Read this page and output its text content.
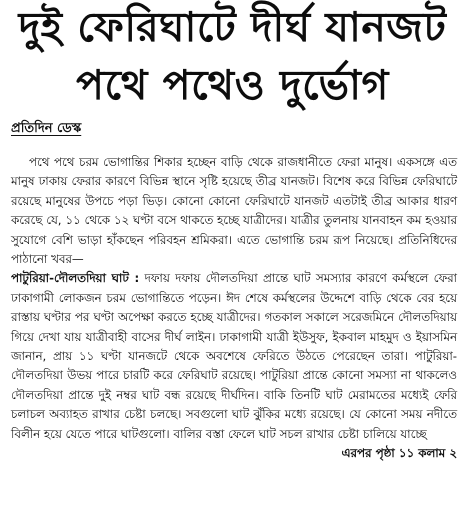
দুই ফেরিঘাটে দীর্ঘ যানজট
পথে পথেও দুর্ভোগ
প্রতিদিন ডেস্ক

পথে পথে চরম ভোগান্তির শিকার হচ্ছেন বাড়ি থেকে রাজধানীতে ফেরা মানুষ। একসঙ্গে এত মানুষ ঢাকায় ফেরার কারণে বিভিন্ন স্থানে সৃষ্টি হয়েছে তীব্র যানজট। বিশেষ করে বিভিন্ন ফেরিঘাটে রয়েছে মানুষের উপচে পড়া ভিড়। কোনো কোনো ফেরিঘাটে যানজট এতটাই তীব্র আকার ধারণ করেছে যে, ১১ থেকে ১২ ঘণ্টা বসে থাকতে হচ্ছে যাত্রীদের। যাত্রীর তুলনায় যানবাহন কম হওয়ার সুযোগে বেশি ভাড়া হাঁকছেন পরিবহন শ্রমিকরা। এতে ভোগান্তি চরম রূপ নিয়েছে। প্রতিনিধিদের পাঠানো খবর—

পাটুরিয়া-দৌলতদিয়া ঘাট : দফায় দফায় দৌলতদিয়া প্রান্তে ঘাট সমস্যার কারণে কর্মস্থলে ফেরা ঢাকাগামী লোকজন চরম ভোগান্তিতে পড়েন। ঈদ শেষে কর্মস্থলের উদ্দেশে বাড়ি থেকে বের হয়ে রাস্তায় ঘণ্টার পর ঘণ্টা অপেক্ষা করতে হচ্ছে যাত্রীদের। গতকাল সকালে সরেজমিনে দৌলতদিয়ায় গিয়ে দেখা যায় যাত্রীবাহী বাসের দীর্ঘ লাইন। ঢাকাগামী যাত্রী ইউসুফ, ইকবাল মাহমুদ ও ইয়াসমিন জানান, প্রায় ১১ ঘণ্টা যানজটে থেকে অবশেষে ফেরিতে উঠতে পেরেছেন তারা। পাটুরিয়া-দৌলতদিয়া উভয় পারে চারটি করে ফেরিঘাট রয়েছে। পাটুরিয়া প্রান্তে কোনো সমস্যা না থাকলেও দৌলতদিয়া প্রান্তে দুই নম্বর ঘাট বন্ধ রয়েছে দীর্ঘদিন। বাকি তিনটি ঘাট মেরামতের মধ্যেই ফেরি চলাচল অব্যাহত রাখার চেষ্টা চলছে। সবগুলো ঘাট ঝুঁকির মধ্যে রয়েছে। যে কোনো সময় নদীতে বিলীন হয়ে যেতে পারে ঘাটগুলো। বালির বস্তা ফেলে ঘাট সচল রাখার চেষ্টা চালিয়ে যাচ্ছে
এরপর পৃষ্ঠা ১১ কলাম ২
